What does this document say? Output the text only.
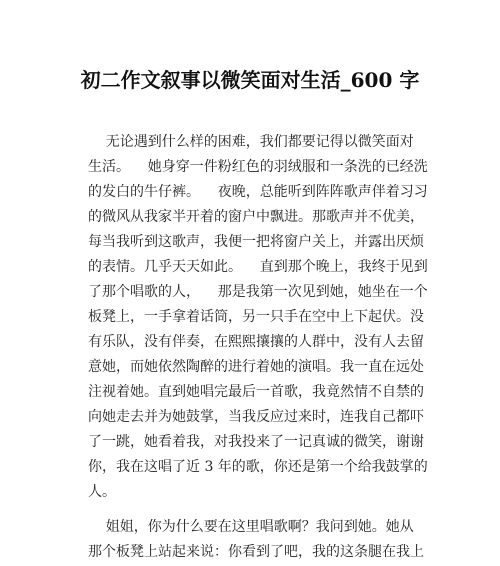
初二作文叙事以微笑面对生活_600 字

无论遇到什么样的困难，我们都要记得以微笑面对
生活。    她身穿一件粉红色的羽绒服和一条洗的已经洗
的发白的牛仔裤。    夜晚，总能听到阵阵歌声伴着习习
的微风从我家半开着的窗户中飘进。那歌声并不优美，
每当我听到这歌声，我便一把将窗户关上，并露出厌烦
的表情。几乎天天如此。    直到那个晚上，我终于见到
了那个唱歌的人，    那是我第一次见到她，她坐在一个
板凳上，一手拿着话筒，另一只手在空中上下起伏。没
有乐队，没有伴奏，在熙熙攘攘的人群中，没有人去留
意她，而她依然陶醉的进行着她的演唱。我一直在远处
注视着她。直到她唱完最后一首歌，我竟然情不自禁的
向她走去并为她鼓掌，当我反应过来时，连我自己都吓
了一跳，她看着我，对我投来了一记真诚的微笑，谢谢
你，我在这唱了近 3 年的歌，你还是第一个给我鼓掌的
人。

姐姐，你为什么要在这里唱歌啊？我问到她。她从
那个板凳上站起来说：你看到了吧，我的这条腿在我上
